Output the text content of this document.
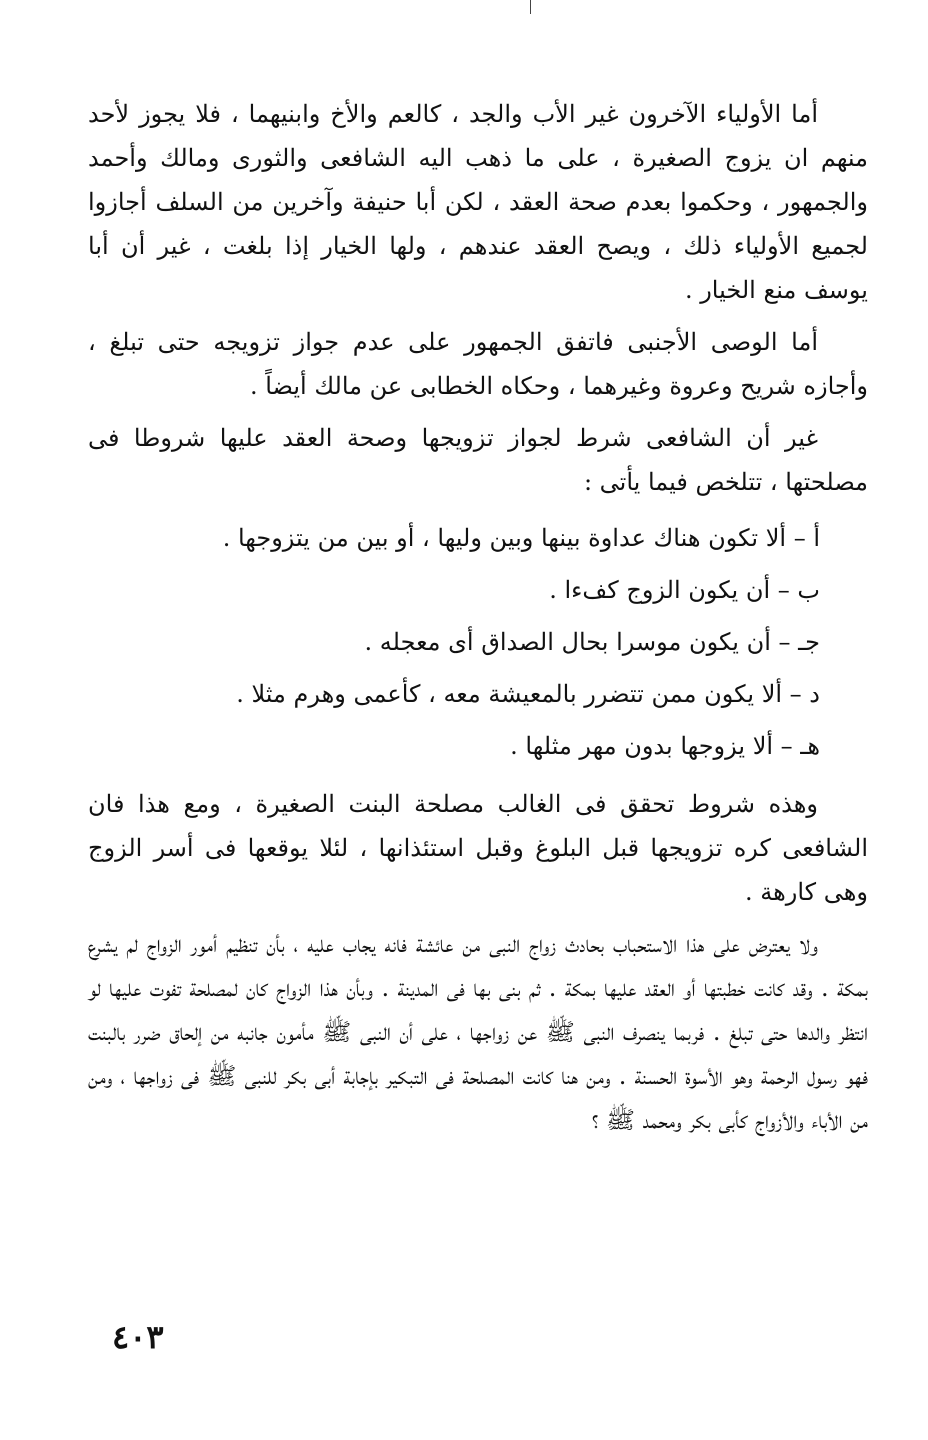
أما الأولياء الآخرون غير الأب والجد ، كالعم والأخ وابنيهما ، فلا يجوز لأحد منهم ان يزوج الصغيرة ، على ما ذهب اليه الشافعى والثورى ومالك وأحمد والجمهور ، وحكموا بعدم صحة العقد ، لكن أبا حنيفة وآخرين من السلف أجازوا لجميع الأولياء ذلك ، ويصح العقد عندهم ، ولها الخيار إذا بلغت ، غير أن أبا يوسف منع الخيار .

أما الوصى الأجنبى فاتفق الجمهور على عدم جواز تزويجه حتى تبلغ ، وأجازه شريح وعروة وغيرهما ، وحكاه الخطابى عن مالك أيضاً .

غير أن الشافعى شرط لجواز تزويجها وصحة العقد عليها شروطا فى مصلحتها ، تتلخص فيما يأتى :

أ – ألا تكون هناك عداوة بينها وبين وليها ، أو بين من يتزوجها .
ب – أن يكون الزوج كفءا .
جـ – أن يكون موسرا بحال الصداق أى معجله .
د – ألا يكون ممن تتضرر بالمعيشة معه ، كأعمى وهرم مثلا .
هـ – ألا يزوجها بدون مهر مثلها .

وهذه شروط تحقق فى الغالب مصلحة البنت الصغيرة ، ومع هذا فان الشافعى كره تزويجها قبل البلوغ وقبل استئذانها ، لئلا يوقعها فى أسر الزوج وهى كارهة .

ولا يعترض على هذا الاستحباب بحادث زواج النبى من عائشة فانه يجاب عليه ، بأن تنظيم أمور الزواج لم يشرع بمكة . وقد كانت خطبتها أو العقد عليها بمكة . ثم بنى بها فى المدينة . وبأن هذا الزواج كان لمصلحة تفوت عليها لو انتظر والدها حتى تبلغ . فربما ينصرف النبى ﷺ عن زواجها ، على أن النبى ﷺ مأمون جانبه من إلحاق ضرر بالبنت فهو رسول الرحمة وهو الأسوة الحسنة . ومن هنا كانت المصلحة فى التبكير بإجابة أبى بكر للنبى ﷺ فى زواجها ، ومن من الأباء والأزواج كأبى بكر ومحمد ﷺ ؟

٤٠٣
